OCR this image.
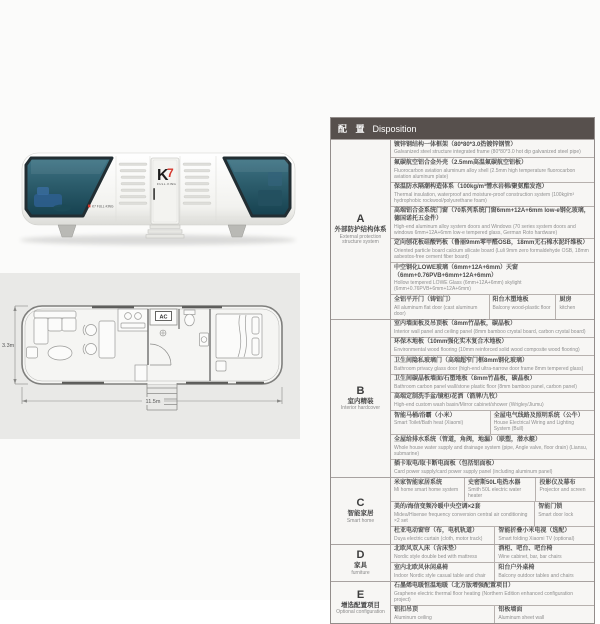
K
7
FULL·KING
K7 FULL·KING
AC
11.5m
3.3m
配 置 Disposition
A
外部防护结构体系
External protection structure system
镀锌钢结构一体框架（80*80*3.0热镀锌钢管）
Galvanized steel structure integrated frame (80*80*3.0 hot dip galvanized steel pipe)
氟碳航空铝合金外壳（2.5mm高温氟碳航空铝板）
Fluorocarbon aviation aluminum alloy shell (2.5mm high temperature fluorocarbon aviation aluminum plate)
保温防水隔潮构造体系（100kg/m³憎水岩棉/聚氨酯发泡）
Thermal insulation, waterproof and moisture-proof construction system (100kg/m³ hydrophobic rockwool/polyurethane foam)
高端铝合金系统门窗（70系列系统门窗6mm+12A+6mm low-e钢化玻璃，德国诺托五金件）
High-end aluminum alloy system doors and Windows (70 series system doors and windows 6mm+12A+6mm low-e tempered glass, German Roto hardware)
定向刨花板硅酸钙板（鲁丽9mm零甲醛OSB，18mm无石棉水泥纤维板）
Oriented particle board calcium silicate board (Luli 9mm zero formaldehyde OSB, 18mm asbestos-free cement fiber board)
中空钢化LOWE玻璃（6mm+12A+6mm）天窗（6mm+0.76PVB+6mm+12A+6mm）
Hollow tempered LOWE Glass (6mm+12A+6mm) skylight (6mm+0.76PVB+6mm+12A+6mm)
全铝平开门（铸铝门）
All aluminum flat door (cast aluminum door)
阳台木塑地板
Balcony wood-plastic floor
厨房
kitchen
B
室内精装
Interior hardcover
室内墙面板及吊顶板（8mm竹晶板，碳晶板）
Interior wall panel and ceiling panel (8mm bamboo crystal board, carbon crystal board)
环保木地板（10mm强化实木复合木地板）
Environmental wood flooring (10mm reinforced solid wood composite wood flooring)
卫生间隐私玻璃门（高端超窄门框8mm钢化玻璃）
Bathroom privacy glass door (high-end ultra-narrow door frame 8mm tempered glass)
卫生间碳晶板墙面/石塑地板（8mm竹晶板，碳晶板）
Bathroom carbon panel wall/stone plastic floor (8mm bamboo panel, carbon panel)
高端定制洗手盆/镜柜/花洒（箭牌/九牧）
High-end custom wash basin/Mirror cabinet/shower (Wrigley/Jiumu)
智能马桶/浴霸（小米）
Smart Toilet/Bath heat (Xiaomi)
全屋电气线路及照明系统（公牛）
House Electrical Wiring and Lighting System (Bull)
全屋给排水系统（管道，角阀，地漏）（联塑，潜水艇）
Whole house water supply and drainage system (pipe, Angle valve, floor drain) (Liansu, submarine)
插卡取电/取卡断电面板（包括铝面板）
Card power supply/card power supply panel (including aluminum panel)
C
智能家居
Smart home
米家智能家居系统
Mi home smart home system
史密斯50L电热水器
Smith 50L electric water heater
投影仪及幕布
Projector and screen
美的/海信变频冷暖中央空调×2套
Midea/Hisense frequency conversion central air conditioning ×2 set
智能门锁
Smart door lock
杜亚电动窗帘（布，电机轨道）
Duya electric curtain (cloth, motor track)
智能折叠小米电视（选配）
Smart folding Xiaomi TV (optional)
D
家具
furniture
北欧风双人床（含床垫）
Nordic style double bed with mattress
酒柜、吧台、吧台椅
Wine cabinet, bar, bar chairs
室内北欧风休闲桌椅
Indoor Nordic style casual table and chair
阳台户外桌椅
Balcony outdoor tables and chairs
E
增选配置项目
Optional configuration
石墨烯电暖恒温地暖（北方版增强配置项目）
Graphene electric thermal floor heating (Northern Edition enhanced configuration project)
铝扣吊顶
Aluminum ceiling
铝板墙面
Aluminum sheet wall
